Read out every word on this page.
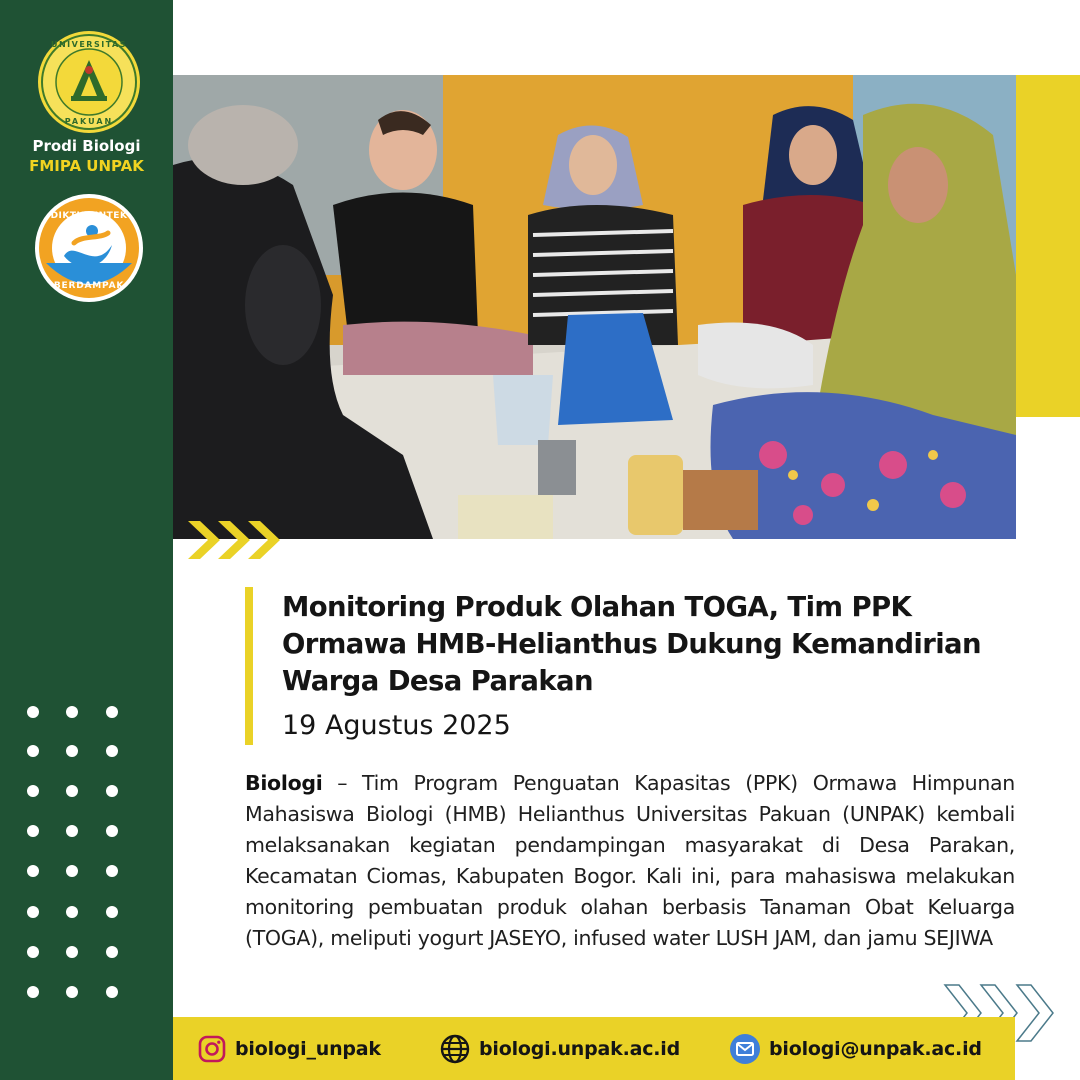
UNIVERSITAS
PAKUAN
Prodi Biologi
FMIPA UNPAK
DIKTISAINTEK
BERDAMPAK
Monitoring Produk Olahan TOGA, Tim PPK Ormawa HMB-Helianthus Dukung Kemandirian Warga Desa Parakan
19 Agustus 2025

Biologi – Tim Program Penguatan Kapasitas (PPK) Ormawa Himpunan Mahasiswa Biologi (HMB) Helianthus Universitas Pakuan (UNPAK) kembali melaksanakan kegiatan pendampingan masyarakat di Desa Parakan, Kecamatan Ciomas, Kabupaten Bogor. Kali ini, para mahasiswa melakukan monitoring pembuatan produk olahan berbasis Tanaman Obat Keluarga (TOGA), meliputi yogurt JASEYO, infused water LUSH JAM, dan jamu SEJIWA

biologi_unpak	biologi.unpak.ac.id	biologi@unpak.ac.id
